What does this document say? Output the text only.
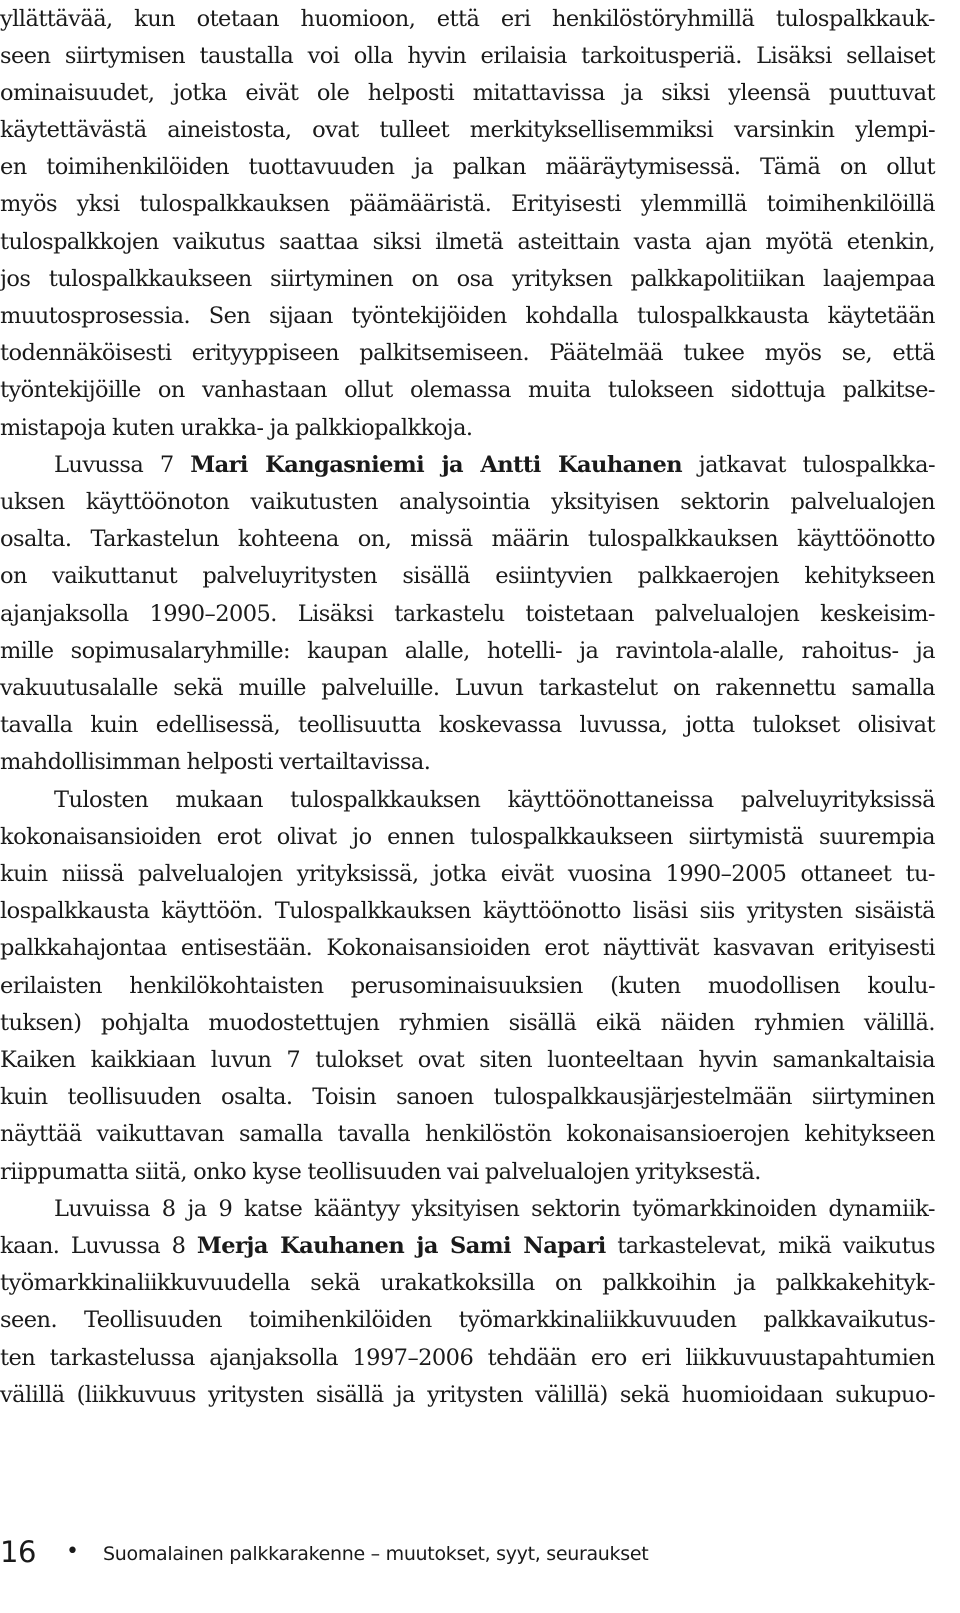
yllättävää, kun otetaan huomioon, että eri henkilöstöryhmillä tulospalkkauk-
seen siirtymisen taustalla voi olla hyvin erilaisia tarkoitusperiä. Lisäksi sellaiset
ominaisuudet, jotka eivät ole helposti mitattavissa ja siksi yleensä puuttuvat
käytettävästä aineistosta, ovat tulleet merkityksellisemmiksi varsinkin ylempi-
en toimihenkilöiden tuottavuuden ja palkan määräytymisessä. Tämä on ollut
myös yksi tulospalkkauksen päämääristä. Erityisesti ylemmillä toimihenkilöillä
tulospalkkojen vaikutus saattaa siksi ilmetä asteittain vasta ajan myötä etenkin,
jos tulospalkkaukseen siirtyminen on osa yrityksen palkkapolitiikan laajempaa
muutosprosessia. Sen sijaan työntekijöiden kohdalla tulospalkkausta käytetään
todennäköisesti erityyppiseen palkitsemiseen. Päätelmää tukee myös se, että
työntekijöille on vanhastaan ollut olemassa muita tulokseen sidottuja palkitse-
mistapoja kuten urakka- ja palkkiopalkkoja.
Luvussa 7 Mari Kangasniemi ja Antti Kauhanen jatkavat tulospalkka-
uksen käyttöönoton vaikutusten analysointia yksityisen sektorin palvelualojen
osalta. Tarkastelun kohteena on, missä määrin tulospalkkauksen käyttöönotto
on vaikuttanut palveluyritysten sisällä esiintyvien palkkaerojen kehitykseen
ajanjaksolla 1990–2005. Lisäksi tarkastelu toistetaan palvelualojen keskeisim-
mille sopimusalaryhmille: kaupan alalle, hotelli- ja ravintola-alalle, rahoitus- ja
vakuutusalalle sekä muille palveluille. Luvun tarkastelut on rakennettu samalla
tavalla kuin edellisessä, teollisuutta koskevassa luvussa, jotta tulokset olisivat
mahdollisimman helposti vertailtavissa.
Tulosten mukaan tulospalkkauksen käyttöönottaneissa palveluyrityksissä
kokonaisansioiden erot olivat jo ennen tulospalkkaukseen siirtymistä suurempia
kuin niissä palvelualojen yrityksissä, jotka eivät vuosina 1990–2005 ottaneet tu-
lospalkkausta käyttöön. Tulospalkkauksen käyttöönotto lisäsi siis yritysten sisäistä
palkkahajontaa entisestään. Kokonaisansioiden erot näyttivät kasvavan erityisesti
erilaisten henkilökohtaisten perusominaisuuksien (kuten muodollisen koulu-
tuksen) pohjalta muodostettujen ryhmien sisällä eikä näiden ryhmien välillä.
Kaiken kaikkiaan luvun 7 tulokset ovat siten luonteeltaan hyvin samankaltaisia
kuin teollisuuden osalta. Toisin sanoen tulospalkkausjärjestelmään siirtyminen
näyttää vaikuttavan samalla tavalla henkilöstön kokonaisansioerojen kehitykseen
riippumatta siitä, onko kyse teollisuuden vai palvelualojen yrityksestä.
Luvuissa 8 ja 9 katse kääntyy yksityisen sektorin työmarkkinoiden dynamiik-
kaan. Luvussa 8 Merja Kauhanen ja Sami Napari tarkastelevat, mikä vaikutus
työmarkkinaliikkuvuudella sekä urakatkoksilla on palkkoihin ja palkkakehityk-
seen. Teollisuuden toimihenkilöiden työmarkkinaliikkuvuuden palkkavaikutus-
ten tarkastelussa ajanjaksolla 1997–2006 tehdään ero eri liikkuvuustapahtumien
välillä (liikkuvuus yritysten sisällä ja yritysten välillä) sekä huomioidaan sukupuo-
16 • Suomalainen palkkarakenne – muutokset, syyt, seuraukset
